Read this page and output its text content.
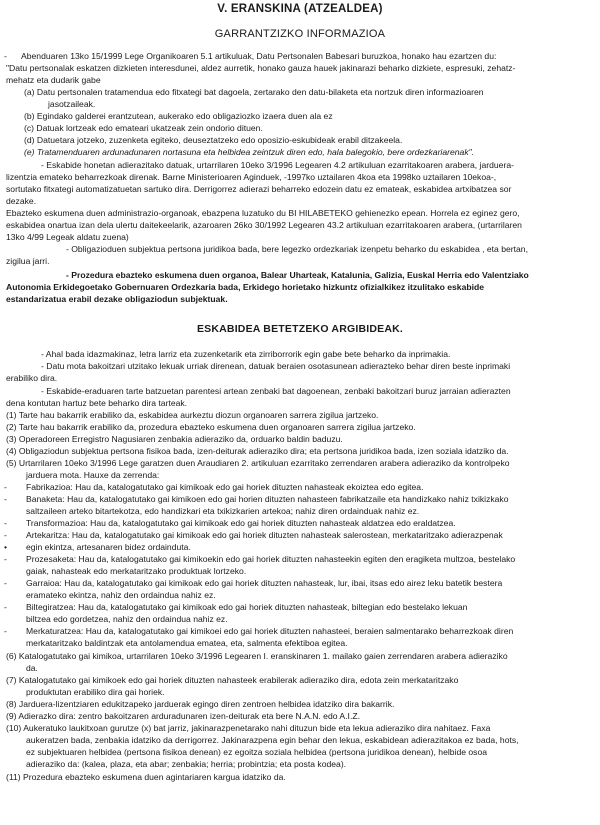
V. ERANSKINA (ATZEALDEA)
GARRANTZIZKO INFORMAZIOA
- Abenduaren 13ko 15/1999 Lege Organikoaren 5.1 artikuluak, Datu Pertsonalen Babesari buruzkoa, honako hau ezartzen du:
"Datu pertsonalak eskatzen dizkieten interesdunei, aldez aurretik, honako gauza hauek jakinarazi beharko dizkiete, espresuki, zehatz-
mehatz eta dudarik gabe
(a) Datu pertsonalen tratamendua edo fitxategi bat dagoela, zertarako den datu-bilaketa eta nortzuk diren informazioaren
jasotzaileak.
(b) Egindako galderei erantzutean, aukerako edo obligaziozko izaera duen ala ez
(c) Datuak lortzeak edo emateari ukatzeak zein ondorio dituen.
(d) Datuetara jotzeko, zuzenketa egiteko, deuseztatzeko edo oposizio-eskubideak erabil ditzakeela.
(e) Tratamenduaren ardunadunaren nortasuna eta helbidea zeintzuk diren edo, hala balegokio, bere ordezkariarenak".
- Eskabide honetan adierazitako datuak, urtarrilaren 10eko 3/1996 Legearen 4.2 artikuluan ezarritakoaren arabera, jarduera-
lizentzia emateko beharrezkoak direnak. Barne Ministerioaren Aginduek, -1997ko uztailaren 4koa eta 1998ko uztailaren 10ekoa-,
sortutako fitxategi automatizatuetan sartuko dira. Derrigorrez adierazi beharreko edozein datu ez emateak, eskabidea artxibatzea sor
dezake.
Ebazteko eskumena duen administrazio-organoak, ebazpena luzatuko du BI HILABETEKO gehienezko epean. Horrela ez eginez gero,
eskabidea onartua izan dela ulertu daitekeelarik, azaroaren 26ko 30/1992 Legearen 43.2 artikuluan ezarritakoaren arabera, (urtarrilaren
13ko 4/99 Legeak aldatu zuena)
- Obligazioduen subjektua pertsona juridikoa bada, bere legezko ordezkariak izenpetu beharko du eskabidea , eta bertan,
zigilua jarri.
- Prozedura ebazteko eskumena duen organoa, Balear Uharteak, Katalunia, Galizia, Euskal Herria edo Valentziako
Autonomia Erkidegoetako Gobernuaren Ordezkaria bada, Erkidego horietako hizkuntz ofizialkikez itzulitako eskabide
estandarizatua erabil dezake obligaziodun subjektuak.
ESKABIDEA BETETZEKO ARGIBIDEAK.
- Ahal bada idazmakinaz, letra larriz eta zuzenketarik eta zirriborrorik egin gabe bete beharko da inprimakia.
- Datu mota bakoitzari utzitako lekuak urriak direnean, datuak beraien osotasunean adierazteko behar diren beste inprimaki
erabiliko dira.
- Eskabide-eraduaren tarte batzuetan parentesi artean zenbaki bat dagoenean, zenbaki bakoitzari buruz jarraian adierazten
dena kontutan hartuz bete beharko dira tarteak.
(1) Tarte hau bakarrik erabiliko da, eskabidea aurkeztu diozun organoaren sarrera zigilua jartzeko.
(2) Tarte hau bakarrik erabiliko da, prozedura ebazteko eskumena duen organoaren sarrera zigilua jartzeko.
(3) Operadoreen Erregistro Nagusiaren zenbakia adieraziko da, orduarko baldin baduzu.
(4) Obligaziodun subjektua pertsona fisikoa bada, izen-deiturak adieraziko dira; eta pertsona juridikoa bada, izen soziala idatziko da.
(5) Urtarrilaren 10eko 3/1996 Lege garatzen duen Araudiaren 2. artikuluan ezarritako zerrendaren arabera adieraziko da kontrolpeko
jarduera mota. Hauxe da zerrenda:
- Fabrikazioa: Hau da, katalogatutako gai kimikoak edo gai horiek dituzten nahasteak ekoiztea edo egitea.
- Banaketa: Hau da, katalogatutako gai kimikoen edo gai horien dituzten nahasteen fabrikatzaile eta handizkako nahiz txikizkako
saltzaileen arteko bitartekotza, edo handizkari eta txikizkarien artekoa; nahiz diren ordainduak nahiz ez.
- Transformazioa: Hau da, katalogatutako gai kimikoak edo gai horiek dituzten nahasteak aldatzea edo eraldatzea.
- Artekaritza: Hau da, katalogatutako gai kimikoak edo gai horiek dituzten nahasteak salerostean, merkataritzako adierazpenak
• egin ekintza, artesanaren bidez ordainduta.
- Prozesaketa: Hau da, katalogatutako gai kimikoekin edo gai horiek dituzten nahasteekin egiten den eragiketa multzoa, bestelako
gaiak, nahasteak edo merkataritzako produktuak lortzeko.
- Garraioa: Hau da, katalogatutako gai kimikoak edo gai horiek dituzten nahasteak, lur, ibai, itsas edo airez leku batetik bestera
eramateko ekintza, nahiz den ordaindua nahiz ez.
- Biltegiratzea: Hau da, katalogatutako gai kimikoak edo gai horiek dituzten nahasteak, biltegian edo bestelako lekuan
biltzea edo gordetzea, nahiz den ordaindua nahiz ez.
- Merkaturatzea: Hau da, katalogatutako gai kimikoei edo gai horiek dituzten nahasteei, beraien salmentarako beharrezkoak diren
merkataritzako baldintzak eta antolamendua ematea, eta, salmenta efektiboa egitea.
(6) Katalogatutako gai kimikoa, urtarrilaren 10eko 3/1996 Legearen I. eranskinaren 1. mailako gaien zerrendaren arabera adieraziko
da.
(7) Katalogatutako gai kimikoek edo gai horiek dituzten nahasteek erabilerak adieraziko dira, edota zein merkataritzako
produktutan erabiliko dira gai horiek.
(8) Jarduera-lizentziaren edukitzapeko jarduerak egingo diren zentroen helbidea idatziko dira bakarrik.
(9) Adierazko dira: zentro bakoitzaren arduradunaren izen-deiturak eta bere N.A.N. edo A.I.Z.
(10) Aukeratuko laukitxoan gurutze (x) bat jarriz, jakinarazpenetarako nahi dituzun bide eta lekua adieraziko dira nahitaez. Faxa
aukeratzen bada, zenbakia idatziko da derrigorrez. Jakinarazpena egin behar den lekua, eskabidean adierazitakoa ez bada, hots,
ez subjektuaren helbidea (pertsona fisikoa denean) ez egoitza soziala helbidea (pertsona juridikoa denean), helbide osoa
adieraziko da: (kalea, plaza, eta abar; zenbakia; herria; probintzia; eta posta kodea).
(11) Prozedura ebazteko eskumena duen agintariaren kargua idatziko da.
